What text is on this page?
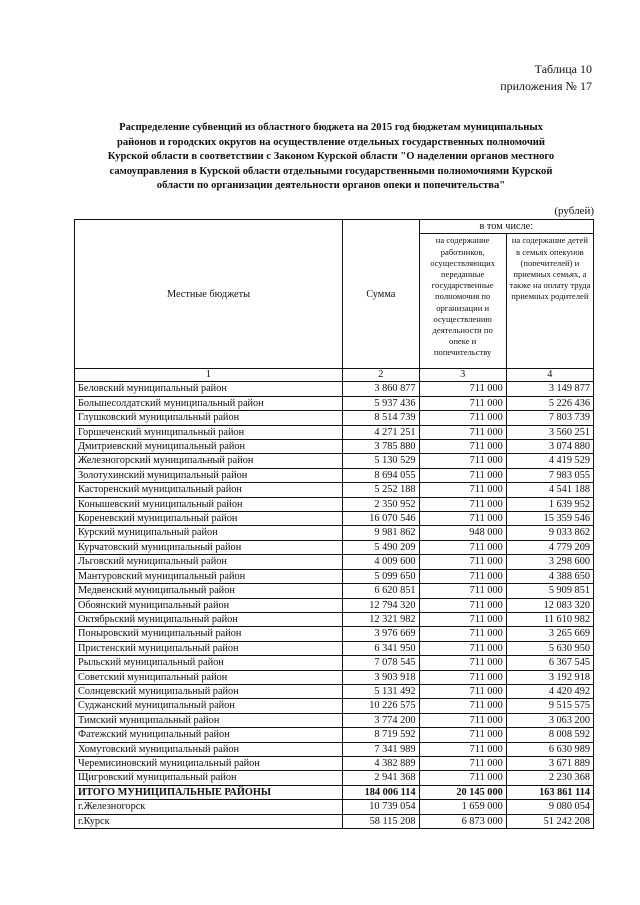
Таблица 10
приложения № 17
Распределение субвенций из областного бюджета на 2015 год бюджетам муниципальных
районов и городских округов на осуществление отдельных государственных полномочий
Курской области в соответствии с Законом Курской области "О наделении органов местного
самоуправления в Курской области отдельными государственными полномочиями Курской
области по организации деятельности органов опеки и попечительства"
(рублей)
Местные бюджеты	Сумма	в том числе:	
		на содержание работников, осуществляющих переданные государственные полномочия по организации и осуществлению деятельности по опеке и попечительству	на содержание детей в семьях опекунов (попечителей) и приемных семьях, а также на оплату труда приемных родителей
1	2	3	4
Беловский муниципальный район	3 860 877	711 000	3 149 877
Большесолдатский муниципальный район	5 937 436	711 000	5 226 436
Глушковский муниципальный район	8 514 739	711 000	7 803 739
Горшеченский муниципальный район	4 271 251	711 000	3 560 251
Дмитриевский муниципальный район	3 785 880	711 000	3 074 880
Железногорский муниципальный район	5 130 529	711 000	4 419 529
Золотухинский муниципальный район	8 694 055	711 000	7 983 055
Касторенский муниципальный район	5 252 188	711 000	4 541 188
Конышевский муниципальный район	2 350 952	711 000	1 639 952
Кореневский муниципальный район	16 070 546	711 000	15 359 546
Курский муниципальный район	9 981 862	948 000	9 033 862
Курчатовский муниципальный район	5 490 209	711 000	4 779 209
Льговский муниципальный район	4 009 600	711 000	3 298 600
Мантуровский муниципальный район	5 099 650	711 000	4 388 650
Медвенский муниципальный район	6 620 851	711 000	5 909 851
Обоянский муниципальный район	12 794 320	711 000	12 083 320
Октябрьский муниципальный район	12 321 982	711 000	11 610 982
Поныровский муниципальный район	3 976 669	711 000	3 265 669
Пристенский муниципальный район	6 341 950	711 000	5 630 950
Рыльский муниципальный район	7 078 545	711 000	6 367 545
Советский муниципальный район	3 903 918	711 000	3 192 918
Солнцевский муниципальный район	5 131 492	711 000	4 420 492
Суджанский муниципальный район	10 226 575	711 000	9 515 575
Тимский муниципальный район	3 774 200	711 000	3 063 200
Фатежский муниципальный район	8 719 592	711 000	8 008 592
Хомутовский муниципальный район	7 341 989	711 000	6 630 989
Черемисиновский муниципальный район	4 382 889	711 000	3 671 889
Щигровский муниципальный район	2 941 368	711 000	2 230 368
ИТОГО МУНИЦИПАЛЬНЫЕ РАЙОНЫ	184 006 114	20 145 000	163 861 114
г.Железногорск	10 739 054	1 659 000	9 080 054
г.Курск	58 115 208	6 873 000	51 242 208
